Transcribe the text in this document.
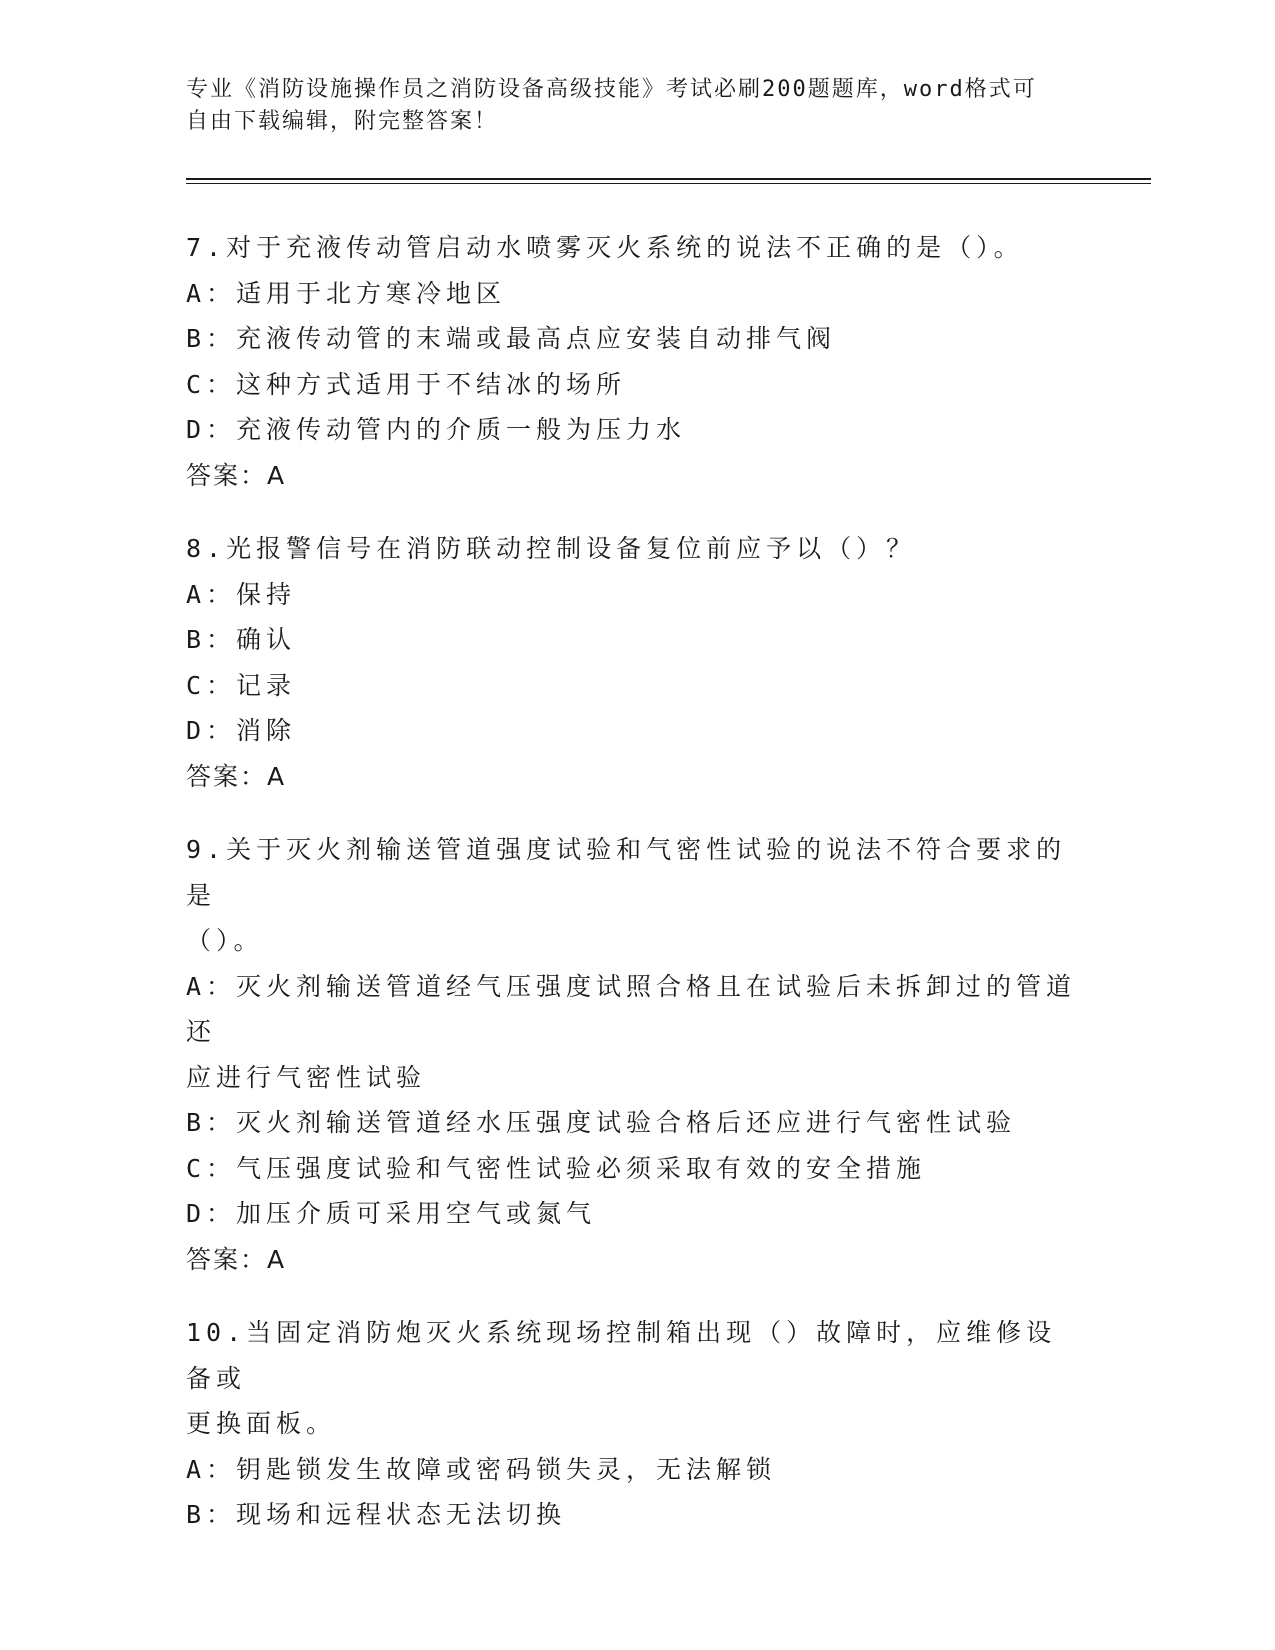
专业《消防设施操作员之消防设备高级技能》考试必刷200题题库，word格式可
自由下载编辑，附完整答案！
7.对于充液传动管启动水喷雾灭火系统的说法不正确的是（）。
A：适用于北方寒冷地区
B：充液传动管的末端或最高点应安装自动排气阀
C：这种方式适用于不结冰的场所
D：充液传动管内的介质一般为压力水
答案：A
8.光报警信号在消防联动控制设备复位前应予以（）？
A：保持
B：确认
C：记录
D：消除
答案：A
9.关于灭火剂输送管道强度试验和气密性试验的说法不符合要求的是
（）。
A：灭火剂输送管道经气压强度试照合格且在试验后未拆卸过的管道还
应进行气密性试验
B：灭火剂输送管道经水压强度试验合格后还应进行气密性试验
C：气压强度试验和气密性试验必须采取有效的安全措施
D：加压介质可采用空气或氮气
答案：A
10.当固定消防炮灭火系统现场控制箱出现（）故障时，应维修设备或
更换面板。
A：钥匙锁发生故障或密码锁失灵，无法解锁
B：现场和远程状态无法切换
